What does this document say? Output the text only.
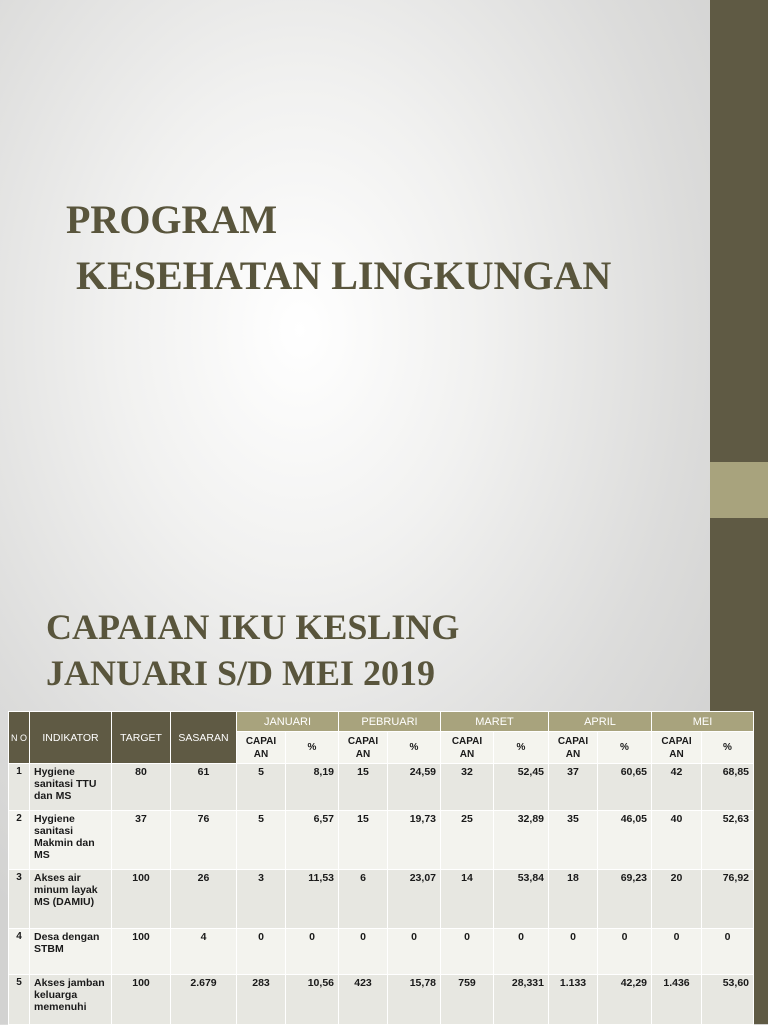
PROGRAM
KESEHATAN LINGKUNGAN
CAPAIAN IKU KESLING
JANUARI S/D MEI 2019
N O	INDIKATOR	TARGET	SASARAN	JANUARI		PEBRUARI		MARET		APRIL		MEI	
				CAPAI AN	%	CAPAI AN	%	CAPAI AN	%	CAPAI AN	%	CAPAI AN	%
1	Hygiene sanitasi TTU dan MS	80	61	5	8,19	15	24,59	32	52,45	37	60,65	42	68,85
2	Hygiene sanitasi Makmin dan MS	37	76	5	6,57	15	19,73	25	32,89	35	46,05	40	52,63
3	Akses air minum layak MS (DAMIU)	100	26	3	11,53	6	23,07	14	53,84	18	69,23	20	76,92
4	Desa dengan STBM	100	4	0	0	0	0	0	0	0	0	0	0
5	Akses jamban keluarga memenuhi	100	2.679	283	10,56	423	15,78	759	28,331	1.133	42,29	1.436	53,60
